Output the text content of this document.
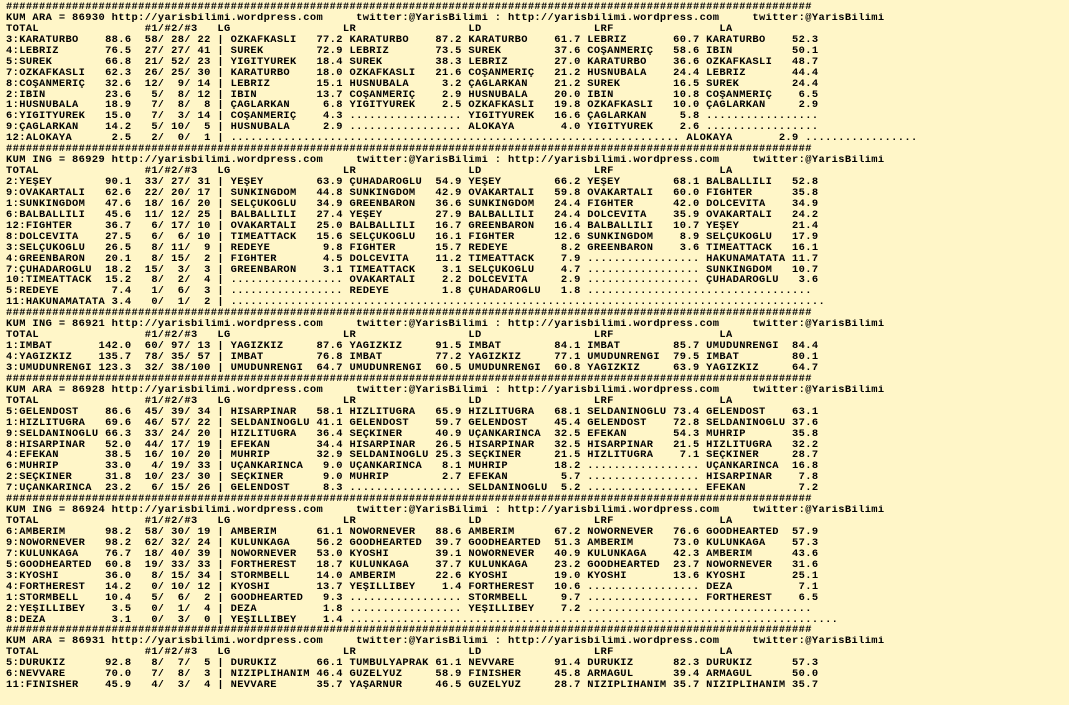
##########################################################################################################################
KUM ARA = 86930 http://yarisbilimi.wordpress.com     twitter:@YarisBilimi : http://yarisbilimi.wordpress.com     twitter:@YarisBilimi
TOTAL                #1/#2/#3   LG                 LR                 LD                 LRF                LA
3:KARATURBO    88.6  58/ 28/ 22 | ÖZKAFKASLI   77.2 KARATURBO    87.2 KARATURBO    61.7 LEBRİZ       60.7 KARATURBO    52.3
4:LEBRİZ       76.5  27/ 27/ 41 | SÜREK        72.9 LEBRİZ       73.5 SÜREK        37.6 COŞANMERİÇ   58.6 İBİN         50.1
5:SÜREK        66.8  21/ 52/ 23 | YİĞİTYÜREK   18.4 SÜREK        38.3 LEBRİZ       27.0 KARATURBO    36.6 ÖZKAFKASLI   48.7
7:ÖZKAFKASLI   62.3  26/ 25/ 30 | KARATURBO    18.0 ÖZKAFKASLI   21.6 COŞANMERİÇ   21.2 HÜSNÜBALA    24.4 LEBRİZ       44.4
8:COŞANMERİÇ   32.6  12/  9/ 14 | LEBRİZ       15.1 HÜSNÜBALA     3.2 ÇAĞLARKAN    21.2 SÜREK        16.5 SÜREK        24.4
2:İBİN         23.6   5/  8/ 12 | İBİN         13.7 COŞANMERİÇ    2.9 HÜSNÜBALA    20.0 İBİN         10.8 COŞANMERİÇ    6.5
1:HÜSNÜBALA    18.9   7/  8/  8 | ÇAĞLARKAN     6.8 YİĞİTYÜREK    2.5 ÖZKAFKASLI   19.8 ÖZKAFKASLI   10.0 ÇAĞLARKAN     2.9
6:YİĞİTYÜREK   15.0   7/  3/ 14 | COŞANMERİÇ    4.3 ................. YİĞİTYÜREK   16.6 ÇAĞLARKAN     5.8 .................
9:ÇAĞLARKAN    14.2   5/ 10/  5 | HÜSNÜBALA     2.9 ................. ALOKAYA       4.0 YİĞİTYÜREK    2.6 .................
12:ALOKAYA      2.5   2/  0/  1 | .................................................................... ALOKAYA       2.9 .................
##########################################################################################################################
KUM ING = 86929 http://yarisbilimi.wordpress.com     twitter:@YarisBilimi : http://yarisbilimi.wordpress.com     twitter:@YarisBilimi
TOTAL                #1/#2/#3   LG                 LR                 LD                 LRF                LA
2:YEŞEY        90.1  33/ 27/ 31 | YEŞEY        63.9 ÇUHADAROĞLU  54.9 YEŞEY        66.2 YEŞEY        68.1 BALBALLILI   52.8
9:OVAKARTALI   62.6  22/ 20/ 17 | SUNKINGDOM   44.8 SUNKINGDOM   42.9 OVAKARTALI   59.8 OVAKARTALI   60.0 FIGHTER      35.8
1:SUNKINGDOM   47.6  18/ 16/ 20 | SELÇUKOĞLU   34.9 GREENBARON   36.6 SUNKINGDOM   24.4 FIGHTER      42.0 DOLCEVITA    34.9
6:BALBALLILI   45.6  11/ 12/ 25 | BALBALLILI   27.4 YEŞEY        27.9 BALBALLILI   24.4 DOLCEVITA    35.9 OVAKARTALI   24.2
12:FIGHTER     36.7   6/ 17/ 10 | OVAKARTALI   25.0 BALBALLILI   16.7 GREENBARON   16.4 BALBALLILI   10.7 YEŞEY        21.4
8:DOLCEVITA    27.5   6/  6/ 10 | TIMEATTACK   15.6 SELÇUKOĞLU   16.1 FIGHTER      12.6 SUNKINGDOM    8.9 SELÇUKOĞLU   17.9
3:SELÇUKOĞLU   26.5   8/ 11/  9 | REDEYE        9.8 FIGHTER      15.7 REDEYE        8.2 GREENBARON    3.6 TIMEATTACK   16.1
4:GREENBARON   20.1   8/ 15/  2 | FIGHTER       4.5 DOLCEVITA    11.2 TIMEATTACK    7.9 ................. HAKUNAMATATA 11.7
7:ÇUHADAROĞLU  18.2  15/  3/  3 | GREENBARON    3.1 TIMEATTACK    3.1 SELÇUKOĞLU    4.7 ................. SUNKINGDOM   10.7
10:TIMEATTACK  15.2   8/  2/  4 | ................. OVAKARTALI    2.2 DOLCEVITA     2.9 ................. ÇUHADAROĞLU   3.6
5:REDEYE        7.4   1/  6/  3 | ................. REDEYE        1.8 ÇUHADAROĞLU   1.8 ..................................
11:HAKUNAMATATA 3.4   0/  1/  2 | ..........................................................................................
##########################################################################################################################
KUM ING = 86921 http://yarisbilimi.wordpress.com     twitter:@YarisBilimi : http://yarisbilimi.wordpress.com     twitter:@YarisBilimi
TOTAL                #1/#2/#3   LG                 LR                 LD                 LRF                LA
1:İMBAT       142.0  60/ 97/ 13 | YAĞIZKIZ     87.6 YAĞIZKIZ     91.5 İMBAT        84.1 İMBAT        85.7 UMUDUNRENGİ  84.4
4:YAĞIZKIZ    135.7  78/ 35/ 57 | İMBAT        76.8 İMBAT        77.2 YAĞIZKIZ     77.1 UMUDUNRENGİ  79.5 İMBAT        80.1
3:UMUDUNRENGİ 123.3  32/ 38/100 | UMUDUNRENGİ  64.7 UMUDUNRENGİ  60.5 UMUDUNRENGİ  60.8 YAĞIZKIZ     63.9 YAĞIZKIZ     64.7
##########################################################################################################################
KUM ARA = 86928 http://yarisbilimi.wordpress.com     twitter:@YarisBilimi : http://yarisbilimi.wordpress.com     twitter:@YarisBilimi
TOTAL                #1/#2/#3   LG                 LR                 LD                 LRF                LA
5:GELENDOST    86.6  45/ 39/ 34 | HİSARPINAR   58.1 HIZLITUĞRA   65.9 HIZLITUĞRA   68.1 SELDANINOĞLU 73.4 GELENDOST    63.1
1:HIZLITUĞRA   69.6  46/ 57/ 22 | SELDANINOĞLU 41.1 GELENDOST    59.7 GELENDOST    45.4 GELENDOST    72.8 SELDANINOĞLU 37.6
9:SELDANINOĞLU 66.3  33/ 24/ 20 | HIZLITUĞRA   36.4 SEÇKİNER     40.9 UÇANKARINCA  32.5 EFEKAN       54.3 MUHRİP       35.8
8:HİSARPINAR   52.0  44/ 17/ 19 | EFEKAN       34.4 HİSARPINAR   26.5 HİSARPINAR   32.5 HİSARPINAR   21.5 HIZLITUĞRA   32.2
4:EFEKAN       38.5  16/ 10/ 20 | MUHRİP       32.9 SELDANINOĞLU 25.3 SEÇKİNER     21.5 HIZLITUĞRA    7.1 SEÇKİNER     28.7
6:MUHRİP       33.0   4/ 19/ 33 | UÇANKARINCA   9.0 UÇANKARINCA   8.1 MUHRİP       18.2 ................. UÇANKARINCA  16.8
2:SEÇKİNER     31.8  10/ 23/ 30 | SEÇKİNER      9.0 MUHRİP        2.7 EFEKAN        5.7 ................. HİSARPINAR    7.8
7:UÇANKARINCA  23.2   6/ 15/ 26 | GELENDOST     8.3 ................. SELDANINOĞLU  5.2 ................. EFEKAN        7.2
##########################################################################################################################
KUM ING = 86924 http://yarisbilimi.wordpress.com     twitter:@YarisBilimi : http://yarisbilimi.wordpress.com     twitter:@YarisBilimi
TOTAL                #1/#2/#3   LG                 LR                 LD                 LRF                LA
6:AMBERİM      98.2  58/ 30/ 19 | AMBERİM      61.1 NOWORNEVER   88.6 AMBERİM      67.2 NOWORNEVER   76.6 GOODHEARTED  57.9
9:NOWORNEVER   98.2  62/ 32/ 24 | KÜLÜNKAĞA    56.2 GOODHEARTED  39.7 GOODHEARTED  51.3 AMBERİM      73.0 KÜLÜNKAĞA    57.3
7:KÜLÜNKAĞA    76.7  18/ 40/ 39 | NOWORNEVER   53.0 KYOSHI       39.1 NOWORNEVER   40.9 KÜLÜNKAĞA    42.3 AMBERİM      43.6
5:GOODHEARTED  60.8  19/ 33/ 33 | FORTHEREST   18.7 KÜLÜNKAĞA    37.7 KÜLÜNKAĞA    23.2 GOODHEARTED  23.7 NOWORNEVER   31.6
3:KYOSHI       36.0   8/ 15/ 34 | STORMBELL    14.0 AMBERİM      22.6 KYOSHI       19.0 KYOSHI       13.6 KYOSHI       25.1
4:FORTHEREST   14.2   0/ 10/ 12 | KYOSHI       13.7 YEŞİLLİBEY    1.4 FORTHEREST   10.6 ................. DEZA          7.1
1:STORMBELL    10.4   5/  6/  2 | GOODHEARTED   9.3 ................. STORMBELL     9.7 ................. FORTHEREST    6.5
2:YEŞİLLİBEY    3.5   0/  1/  4 | DEZA          1.8 ................. YEŞİLLİBEY    7.2 ..................................
8:DEZA          3.1   0/  3/  0 | YEŞİLLİBEY    1.4 ..........................................................................
##########################################################################################################################
KUM ARA = 86931 http://yarisbilimi.wordpress.com     twitter:@YarisBilimi : http://yarisbilimi.wordpress.com     twitter:@YarisBilimi
TOTAL                #1/#2/#3   LG                 LR                 LD                 LRF                LA
5:DURUKIZ      92.8   8/  7/  5 | DURUKIZ      66.1 TUMBULYAPRAK 61.1 NEVVARE      91.4 DURUKIZ      82.3 DURUKIZ      57.3
6:NEVVARE      70.0   7/  8/  3 | NİZİPLİHANIM 46.4 GÜZELYÜZ     58.9 FINISHER     45.8 ARMAGÜL      39.4 ARMAGÜL      50.0
11:FINISHER    45.9   4/  3/  4 | NEVVARE      35.7 YAŞARNUR     46.5 GÜZELYÜZ     28.7 NİZİPLİHANIM 35.7 NİZİPLİHANIM 35.7
